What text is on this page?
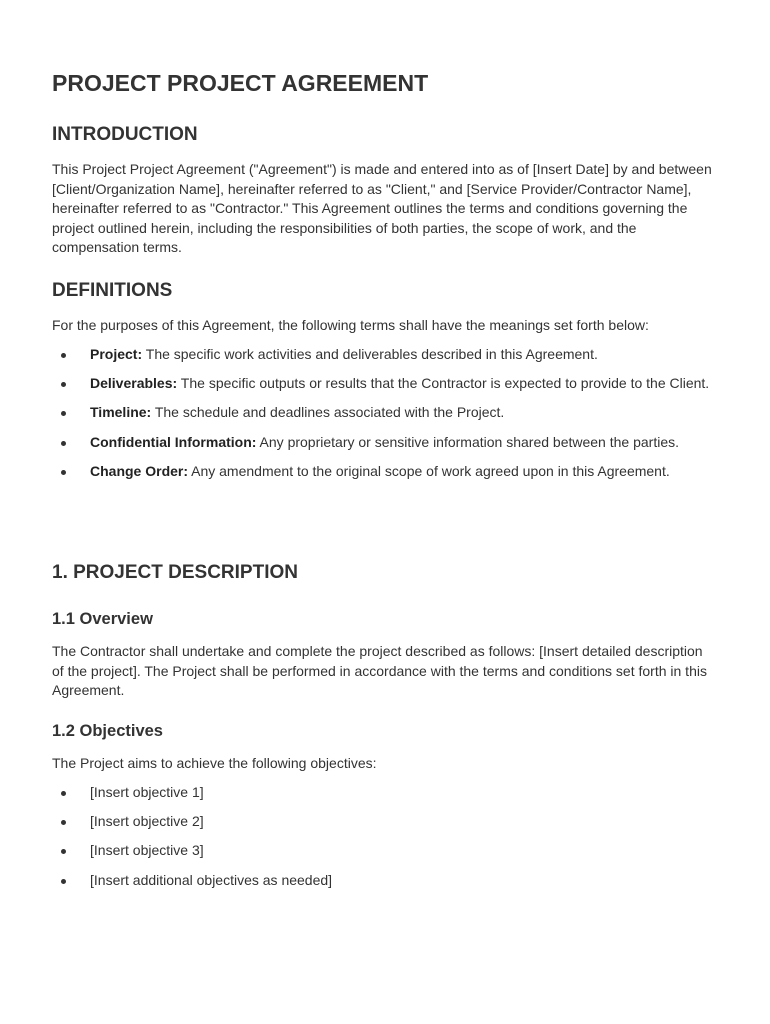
PROJECT PROJECT AGREEMENT
INTRODUCTION

This Project Project Agreement ("Agreement") is made and entered into as of [Insert Date] by and between [Client/Organization Name], hereinafter referred to as "Client," and [Service Provider/Contractor Name], hereinafter referred to as "Contractor." This Agreement outlines the terms and conditions governing the project outlined herein, including the responsibilities of both parties, the scope of work, and the compensation terms.

DEFINITIONS

For the purposes of this Agreement, the following terms shall have the meanings set forth below:

Project: The specific work activities and deliverables described in this Agreement.
Deliverables: The specific outputs or results that the Contractor is expected to provide to the Client.
Timeline: The schedule and deadlines associated with the Project.
Confidential Information: Any proprietary or sensitive information shared between the parties.
Change Order: Any amendment to the original scope of work agreed upon in this Agreement.
1. PROJECT DESCRIPTION
1.1 Overview

The Contractor shall undertake and complete the project described as follows: [Insert detailed description of the project]. The Project shall be performed in accordance with the terms and conditions set forth in this Agreement.

1.2 Objectives

The Project aims to achieve the following objectives:

[Insert objective 1]
[Insert objective 2]
[Insert objective 3]
[Insert additional objectives as needed]
